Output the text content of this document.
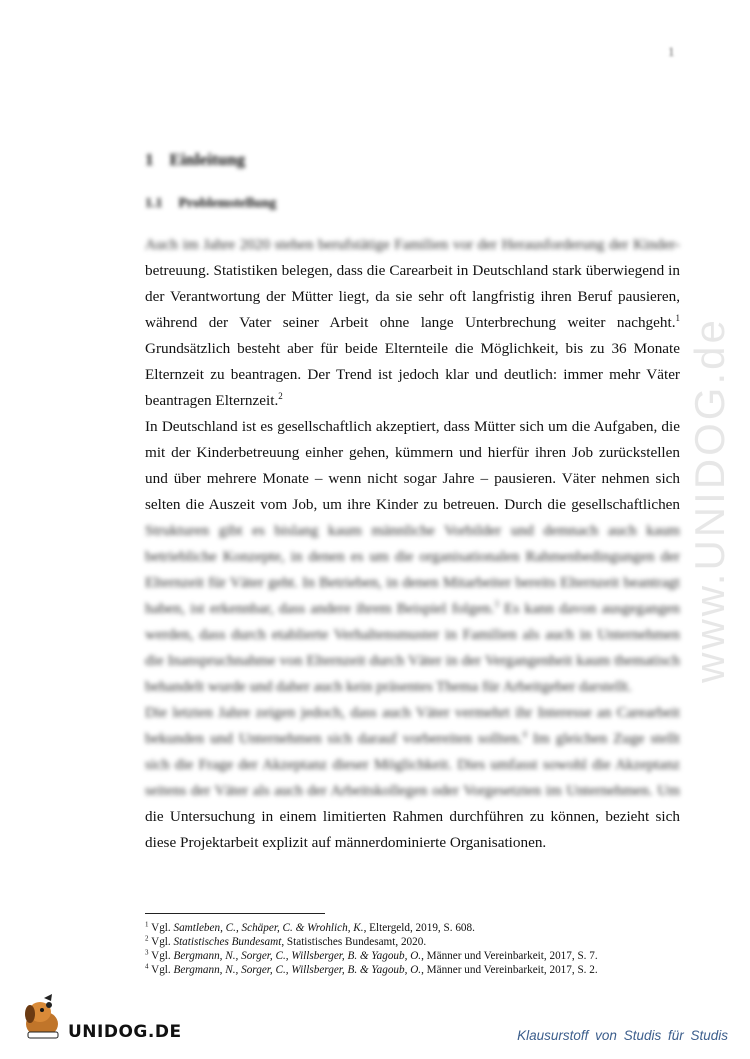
1
1 Einleitung
1.1 Problemstellung

Auch im Jahre 2020 stehen berufstätige Familien vor der Herausforderung der Kinder- betreuung. Statistiken belegen, dass die Carearbeit in Deutschland stark überwiegend in der Verantwortung der Mütter liegt, da sie sehr oft langfristig ihren Beruf pausieren, während der Vater seiner Arbeit ohne lange Unterbrechung weiter nachgeht.$^1$ Grundsätzlich besteht aber für beide Elternteile die Möglichkeit, bis zu 36 Monate Elternzeit zu beantragen. Der Trend ist jedoch klar und deutlich: immer mehr Väter beantragen Elternzeit.$^2$

In Deutschland ist es gesellschaftlich akzeptiert, dass Mütter sich um die Aufgaben, die mit der Kinderbetreuung einher gehen, kümmern und hierfür ihren Job zurückstellen und über mehrere Monate – wenn nicht sogar Jahre – pausieren. Väter nehmen sich selten die Auszeit vom Job, um ihre Kinder zu betreuen. Durch die gesellschaftlichen Strukturen gibt es bislang kaum männliche Vorbilder und demnach auch kaum betriebliche Konzepte, in denen es um die organisationalen Rahmenbedingungen der Elternzeit für Väter geht. In Betrieben, in denen Mitarbeiter bereits Elternzeit beantragt haben, ist erkennbar, dass andere ihrem Beispiel folgen.$^3$ Es kann davon ausgegangen werden, dass durch etablierte Verhaltensmuster in Familien als auch in Unternehmen die Inanspruchnahme von Elternzeit durch Väter in der Vergangenheit kaum thematisch behandelt wurde und daher auch kein präsentes Thema für Arbeitgeber darstellt.

Die letzten Jahre zeigen jedoch, dass auch Väter vermehrt ihr Interesse an Carearbeit bekunden und Unternehmen sich darauf vorbereiten sollten.$^4$ Im gleichen Zuge stellt sich die Frage der Akzeptanz dieser Möglichkeit. Dies umfasst sowohl die Akzeptanz seitens der Väter als auch der Arbeitskollegen oder Vorgesetzten im Unternehmen. Um die Untersuchung in einem limitierten Rahmen durchführen zu können, bezieht sich diese Projektarbeit explizit auf männerdominierte Organisationen.

www.UNIDOG.de
$^1$ Vgl. Samtleben, C., Schäper, C. & Wrohlich, K., Eltergeld, 2019, S. 608.
$^2$ Vgl. Statistisches Bundesamt, Statistisches Bundesamt, 2020.
$^3$ Vgl. Bergmann, N., Sorger, C., Willsberger, B. & Yagoub, O., Männer und Vereinbarkeit, 2017, S. 7.
$^4$ Vgl. Bergmann, N., Sorger, C., Willsberger, B. & Yagoub, O., Männer und Vereinbarkeit, 2017, S. 2.
UNIDOG.DE	Klausurstoff von Studis für Studis
